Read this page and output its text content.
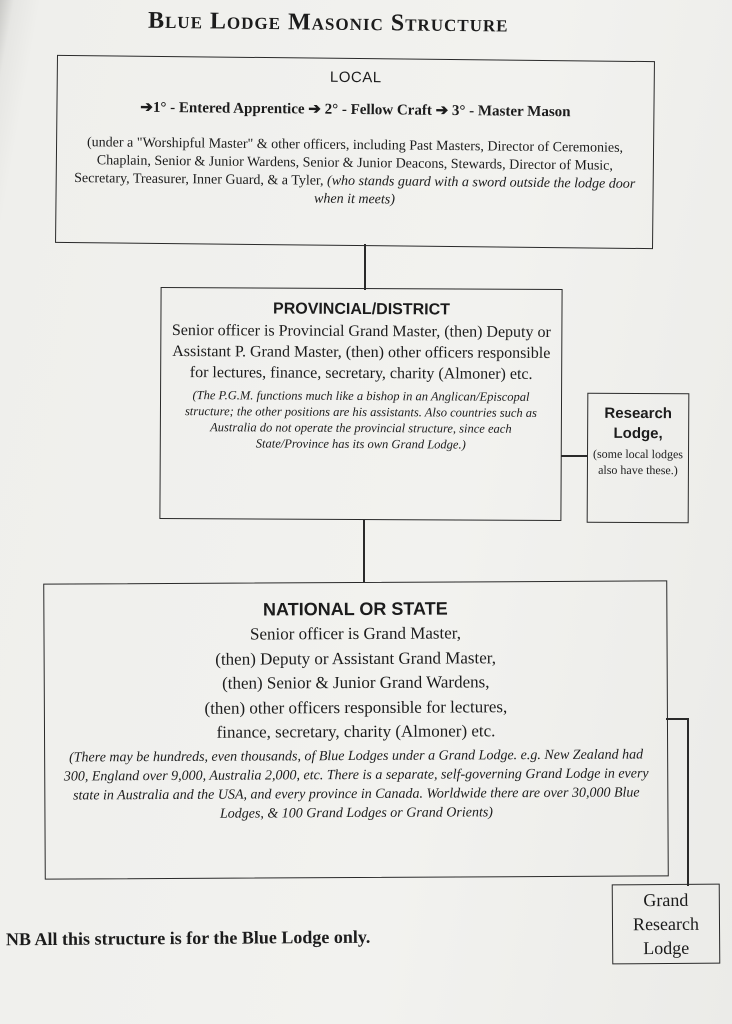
Blue Lodge Masonic Structure
LOCAL
➔1° - Entered Apprentice ➔ 2° - Fellow Craft ➔ 3° - Master Mason
(under a "Worshipful Master" & other officers, including Past Masters, Director of Ceremonies, Chaplain, Senior & Junior Wardens, Senior & Junior Deacons, Stewards, Director of Music, Secretary, Treasurer, Inner Guard, & a Tyler, (who stands guard with a sword outside the lodge door when it meets)
PROVINCIAL/DISTRICT
Senior officer is Provincial Grand Master, (then) Deputy or Assistant P. Grand Master, (then) other officers responsible for lectures, finance, secretary, charity (Almoner) etc.
(The P.G.M. functions much like a bishop in an Anglican/Episcopal structure; the other positions are his assistants. Also countries such as Australia do not operate the provincial structure, since each State/Province has its own Grand Lodge.)
Research Lodge,
(some local lodges also have these.)
NATIONAL OR STATE
Senior officer is Grand Master,
(then) Deputy or Assistant Grand Master,
(then) Senior & Junior Grand Wardens,
(then) other officers responsible for lectures,
finance, secretary, charity (Almoner) etc.
(There may be hundreds, even thousands, of Blue Lodges under a Grand Lodge. e.g. New Zealand had 300, England over 9,000, Australia 2,000, etc. There is a separate, self-governing Grand Lodge in every state in Australia and the USA, and every province in Canada. Worldwide there are over 30,000 Blue Lodges, & 100 Grand Lodges or Grand Orients)
Grand Research Lodge
NB All this structure is for the Blue Lodge only.
